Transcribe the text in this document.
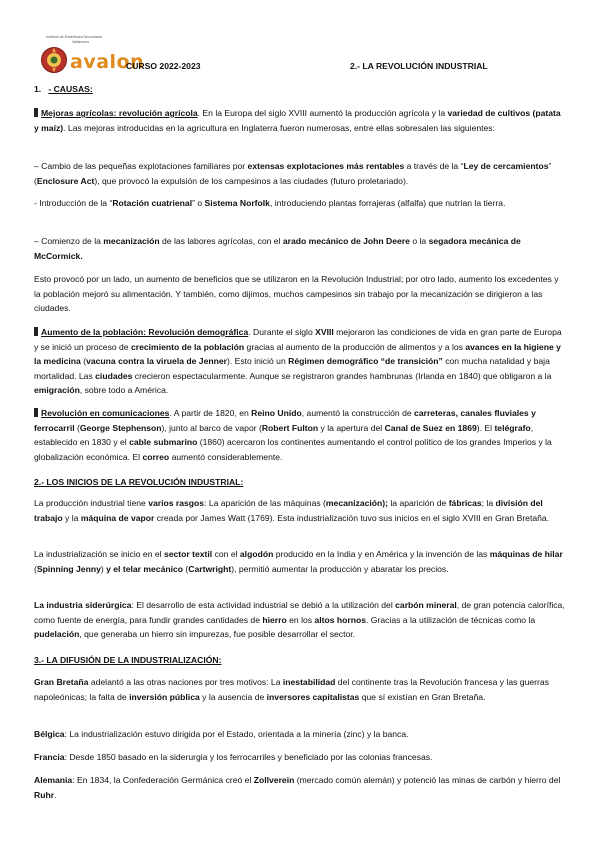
Instituto de Enseñanza Secundaria
Valdemoro
avalon
CURSO 2022-2023	2.- LA REVOLUCIÓN INDUSTRIAL

1. - CAUSAS:

Mejoras agrícolas: revolución agrícola. En la Europa del siglo XVIII aumentó la producción agrícola y la variedad de cultivos (patata y maíz). Las mejoras introducidas en la agricultura en Inglaterra fueron numerosas, entre ellas sobresalen las siguientes:

– Cambio de las pequeñas explotaciones familiares por extensas explotaciones más rentables a través de la “Ley de cercamientos” (Enclosure Act), que provocó la expulsión de los campesinos a las ciudades (futuro proletariado).

- Introducción de la “Rotación cuatrienal” o Sistema Norfolk, introduciendo plantas forrajeras (alfalfa) que nutrían la tierra.

– Comienzo de la mecanización de las labores agrícolas, con el arado mecánico de John Deere o la segadora mecánica de McCormick.

Esto provocó por un lado, un aumento de beneficios que se utilizaron en la Revolución Industrial; por otro lado, aumento los excedentes y la población mejoró su alimentación. Y también, como dijimos, muchos campesinos sin trabajo por la mecanización se dirigieron a las ciudades.

Aumento de la población: Revolución demográfica. Durante el siglo XVIII mejoraron las condiciones de vida en gran parte de Europa y se inició un proceso de crecimiento de la población gracias al aumento de la producción de alimentos y a los avances en la higiene y la medicina (vacuna contra la viruela de Jenner). Esto inició un Régimen demográfico “de transición” con mucha natalidad y baja mortalidad. Las ciudades crecieron espectacularmente. Aunque se registraron grandes hambrunas (Irlanda en 1840) que obligaron a la emigración, sobre todo a América.

Revolución en comunicaciones. A partir de 1820, en Reino Unido, aumentó la construcción de carreteras, canales fluviales y ferrocarril (George Stephenson), junto al barco de vapor (Robert Fulton y la apertura del Canal de Suez en 1869). El telégrafo, establecido en 1830 y el cable submarino (1860) acercaron los continentes aumentando el control político de los grandes Imperios y la globalización económica. El correo aumentó considerablemente.

2.- LOS INICIOS DE LA REVOLUCIÓN INDUSTRIAL:

La producción industrial tiene varios rasgos: La aparición de las máquinas (mecanización); la aparición de fábricas; la división del trabajo y la máquina de vapor creada por James Watt (1769). Esta industrialización tuvo sus inicios en el siglo XVIII en Gran Bretaña.

La industrialización se inicio en el sector textil con el algodón producido en la India y en América y la invención de las máquinas de hilar (Spinning Jenny) y el telar mecánico (Cartwright), permitió aumentar la producción y abaratar los precios.

La industria siderúrgica: El desarrollo de esta actividad industrial se debió a la utilización del carbón mineral, de gran potencia calorífica, como fuente de energía, para fundir grandes cantidades de hierro en los altos hornos. Gracias a la utilización de técnicas como la pudelación, que generaba un hierro sin impurezas, fue posible desarrollar el sector.

3.- LA DIFUSIÓN DE LA INDUSTRIALIZACIÓN:

Gran Bretaña adelantó a las otras naciones por tres motivos: La inestabilidad del continente tras la Revolución francesa y las guerras napoleónicas; la falta de inversión pública y la ausencia de inversores capitalistas que sí existían en Gran Bretaña.

Bélgica: La industrialización estuvo dirigida por el Estado, orientada a la minería (zinc) y la banca.

Francia: Desde 1850 basado en la siderurgia y los ferrocarriles y beneficiado por las colonias francesas.

Alemania: En 1834, la Confederación Germánica creó el Zollverein (mercado común alemán) y potenció las minas de carbón y hierro del Ruhr.
